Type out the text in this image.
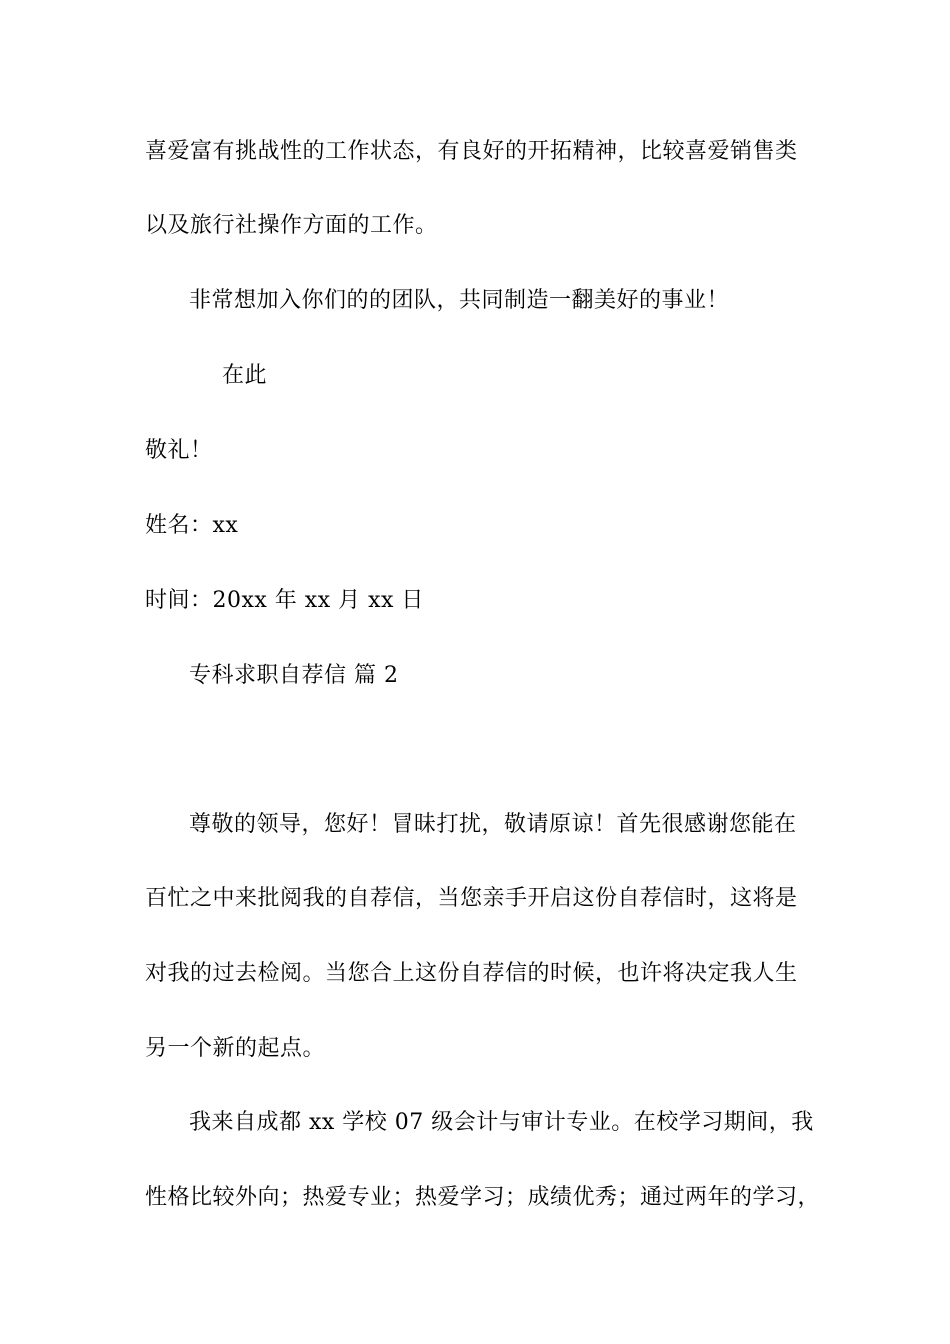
喜爱富有挑战性的工作状态，有良好的开拓精神，比较喜爱销售类
以及旅行社操作方面的工作。
非常想加入你们的的团队，共同制造一翻美好的事业！
在此
敬礼！
姓名：xx
时间：20xx 年 xx 月 xx 日
专科求职自荐信 篇 2
尊敬的领导，您好！冒昧打扰，敬请原谅！首先很感谢您能在
百忙之中来批阅我的自荐信，当您亲手开启这份自荐信时，这将是
对我的过去检阅。当您合上这份自荐信的时候，也许将决定我人生
另一个新的起点。
我来自成都 xx 学校 07 级会计与审计专业。在校学习期间，我
性格比较外向；热爱专业；热爱学习；成绩优秀；通过两年的学习，
